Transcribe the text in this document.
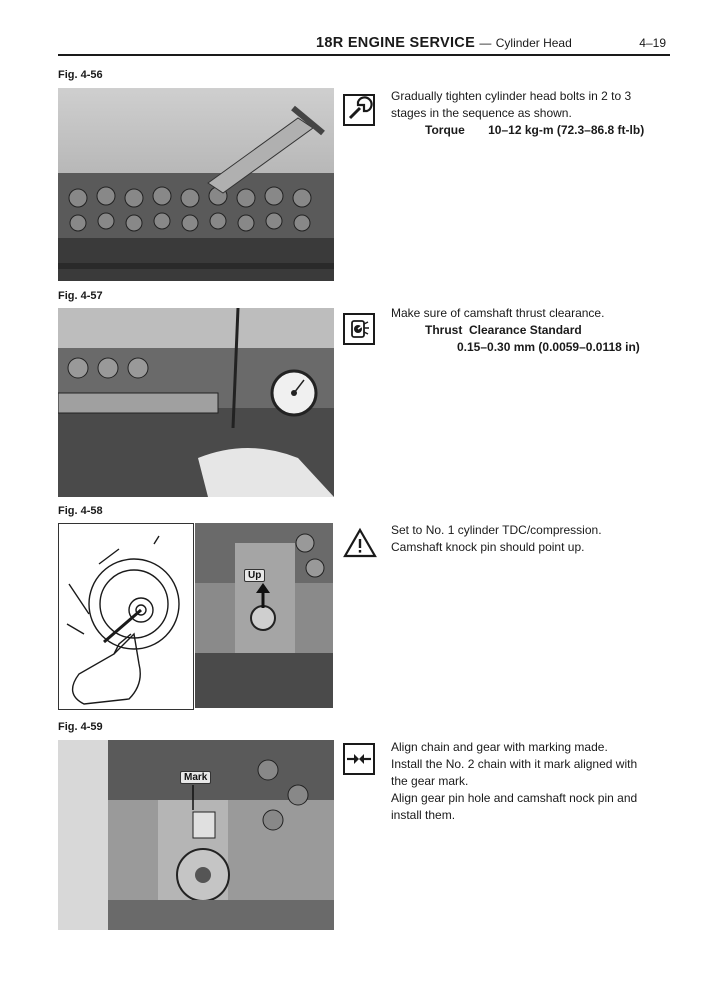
18R ENGINE SERVICE — Cylinder Head	4–19
Fig. 4-56

Gradually tighten cylinder head bolts in 2 to 3

stages in the sequence as shown.

Torque 10–12 kg-m (72.3–86.8 ft-lb)

Fig. 4-57

Make sure of camshaft thrust clearance.

Thrust  Clearance Standard

0.15–0.30 mm (0.0059–0.0118 in)

Fig. 4-58
Up

Set to No. 1 cylinder TDC/compression.

Camshaft knock pin should point up.

Fig. 4-59
Mark

Align chain and gear with marking made.

Install the No. 2 chain with it mark aligned with

the gear mark.

Align gear pin hole and camshaft nock pin and

install them.
